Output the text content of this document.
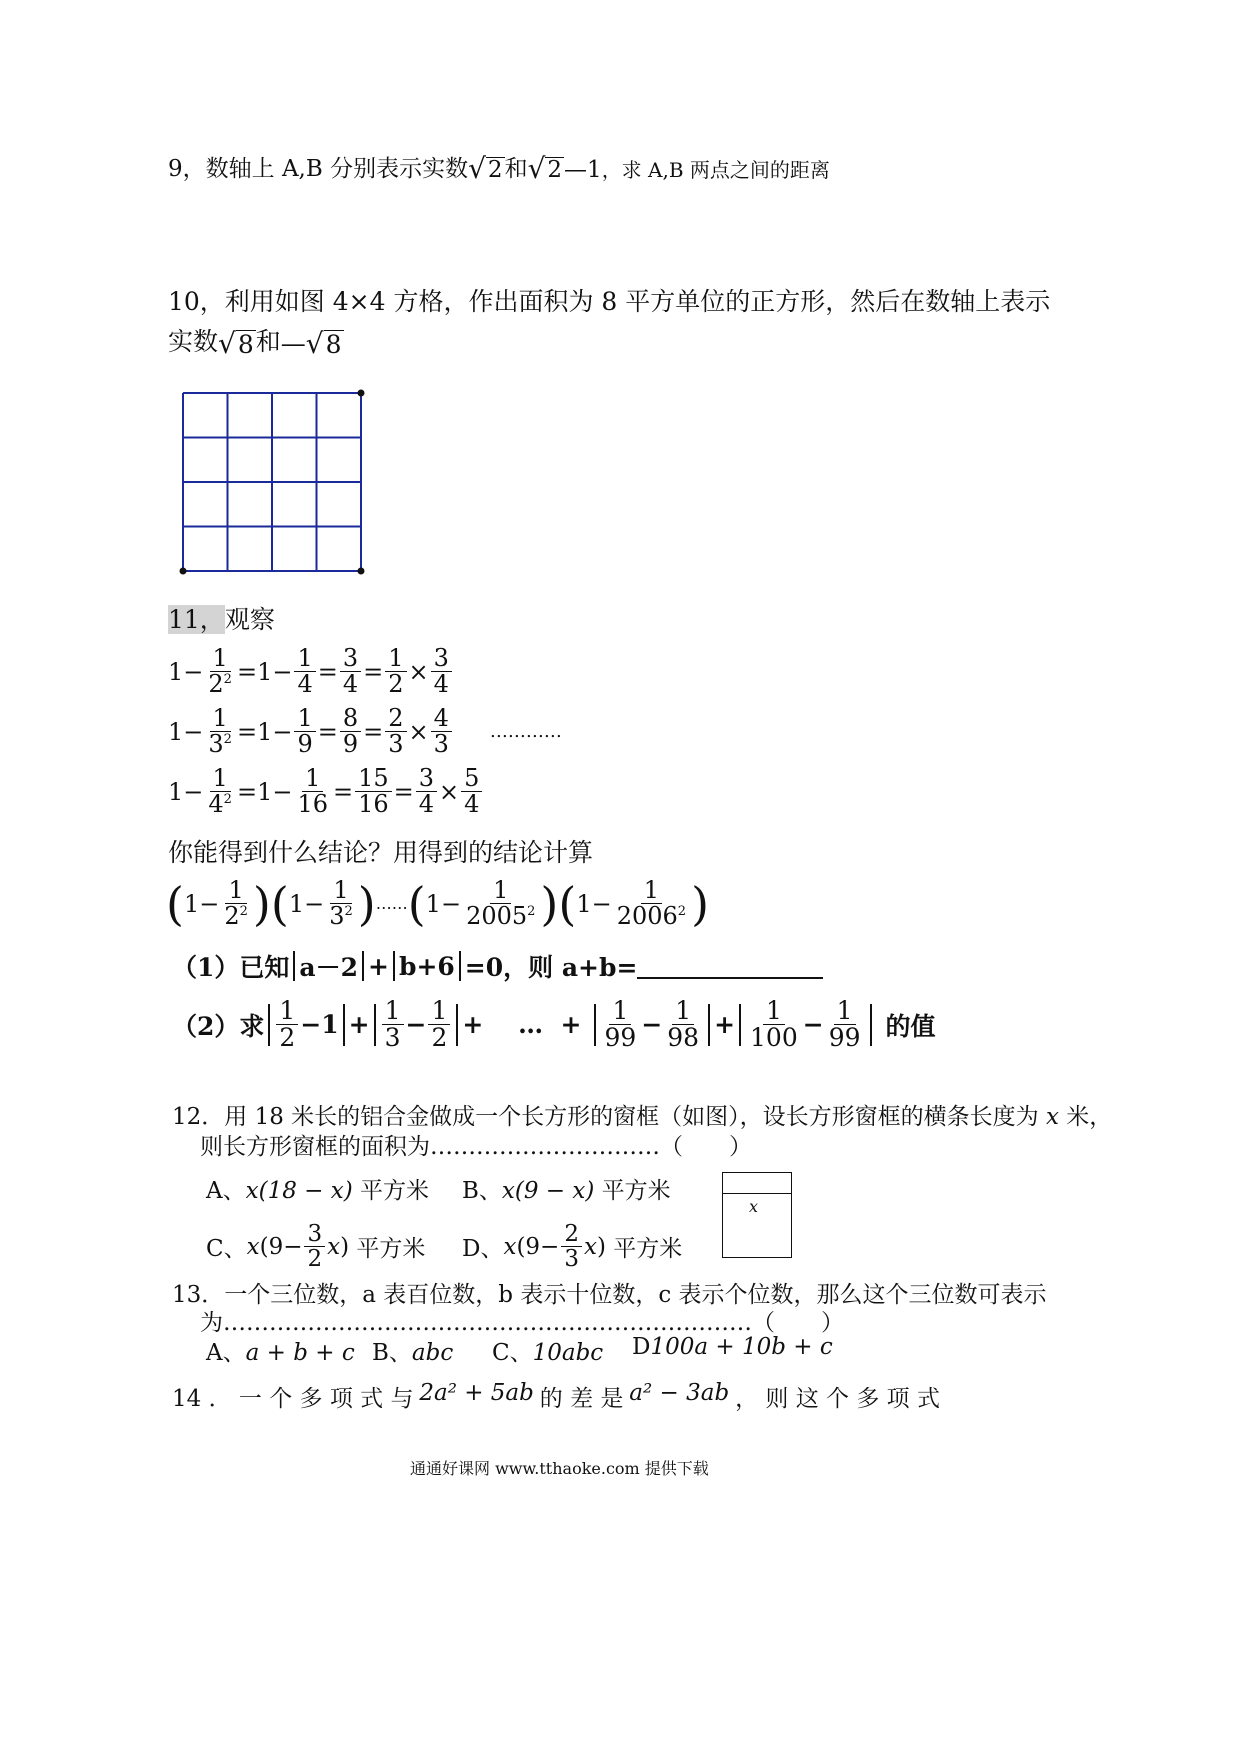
9，数轴上 A,B 分别表示实数 √ 2 和 √ 2 —1 ，求 A,B 两点之间的距离
10，利用如图 4×4 方格，作出面积为 8 平方单位的正方形，然后在数轴上表示
实数 √ 8 和 — √ 8
11，观察
$1- \frac{1}{2^2} =1- \frac{1}{4} = \frac{3}{4} = \frac{1}{2} \times \frac{3}{4}$
$1- \frac{1}{3^2} =1- \frac{1}{9} = \frac{8}{9} = \frac{2}{3} \times \frac{4}{3}$ …………
$1- \frac{1}{4^2} =1- \frac{1}{16} = \frac{15}{16} = \frac{3}{4} \times \frac{5}{4}$
你能得到什么结论？用得到的结论计算
( $1- \frac{1}{2^2}$ ) ( $1- \frac{1}{3^2}$ ) …… ( $1- \frac{1}{2005^2}$ ) ( $1- \frac{1}{2006^2}$ )
（1）已知 a－2 + b+6 =0，则 a+b=
（2）求 $\frac{1}{2} -1 + \frac{1}{3} - \frac{1}{2}$ +    …  + $\frac{1}{99} - \frac{1}{98} + \frac{1}{100} - \frac{1}{99}$ 的值
12．用 18 米长的铝合金做成一个长方形的窗框（如图），设长方形窗框的横条长度为 x 米，
则长方形窗框的面积为…………………………（　　）
A、x(18 − x) 平方米 B、x(9 − x) 平方米
C、 x ($9- \frac{3}{2}$ x )
平方米 D、 x ($9- \frac{2}{3}$ x )
平方米
x
13．一个三位数，a 表百位数，b 表示十位数，c 表示个位数，那么这个三位数可表示
为……………………………………………………………（　　）
A、a + b + c B、abc C、10abc D100a + 10b + c
14 ． 一 个 多 项 式 与 2a² + 5ab 的 差 是 a² − 3ab ， 则 这 个 多 项 式
通通好课网 www.tthaoke.com 提供下载
